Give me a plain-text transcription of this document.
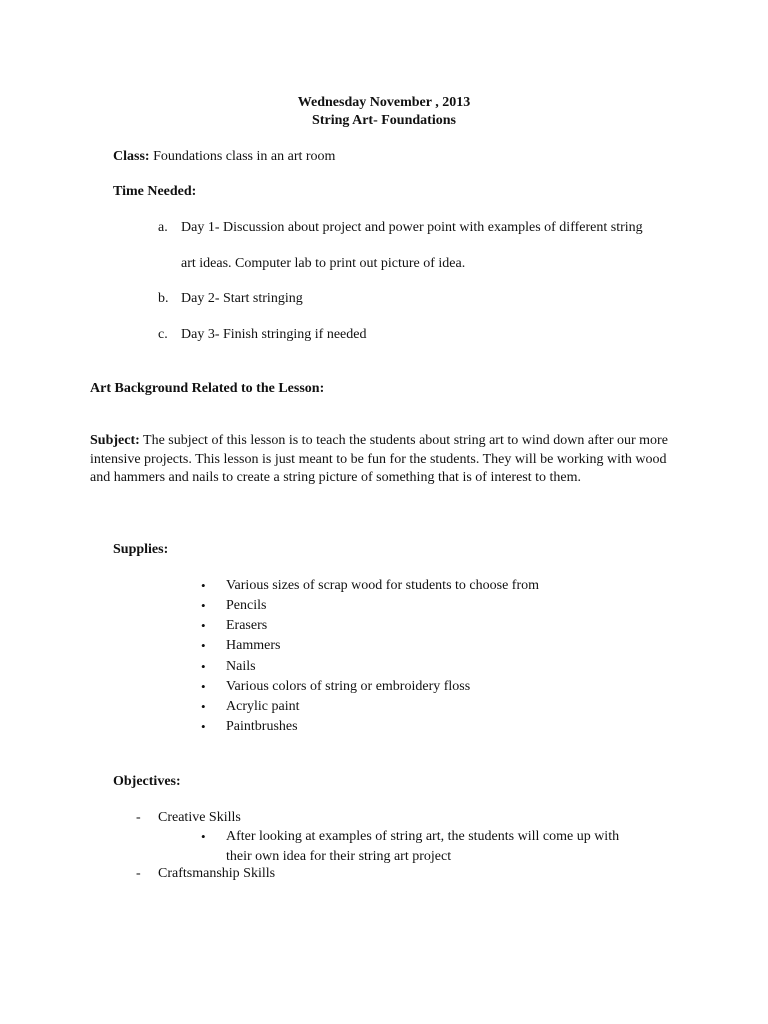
Wednesday November , 2013
String Art- Foundations
Class: Foundations class in an art room
Time Needed:
a. Day 1- Discussion about project and power point with examples of different string
art ideas. Computer lab to print out picture of idea.
b. Day 2- Start stringing
c. Day 3- Finish stringing if needed
Art Background Related to the Lesson:
Subject: The subject of this lesson is to teach the students about string art to wind down after our more intensive projects. This lesson is just meant to be fun for the students. They will be working with wood and hammers and nails to create a string picture of something that is of interest to them.
Supplies:
• Various sizes of scrap wood for students to choose from
• Pencils
• Erasers
• Hammers
• Nails
• Various colors of string or embroidery floss
• Acrylic paint
• Paintbrushes
Objectives:
- Creative Skills
• After looking at examples of string art, the students will come up with
their own idea for their string art project
- Craftsmanship Skills
